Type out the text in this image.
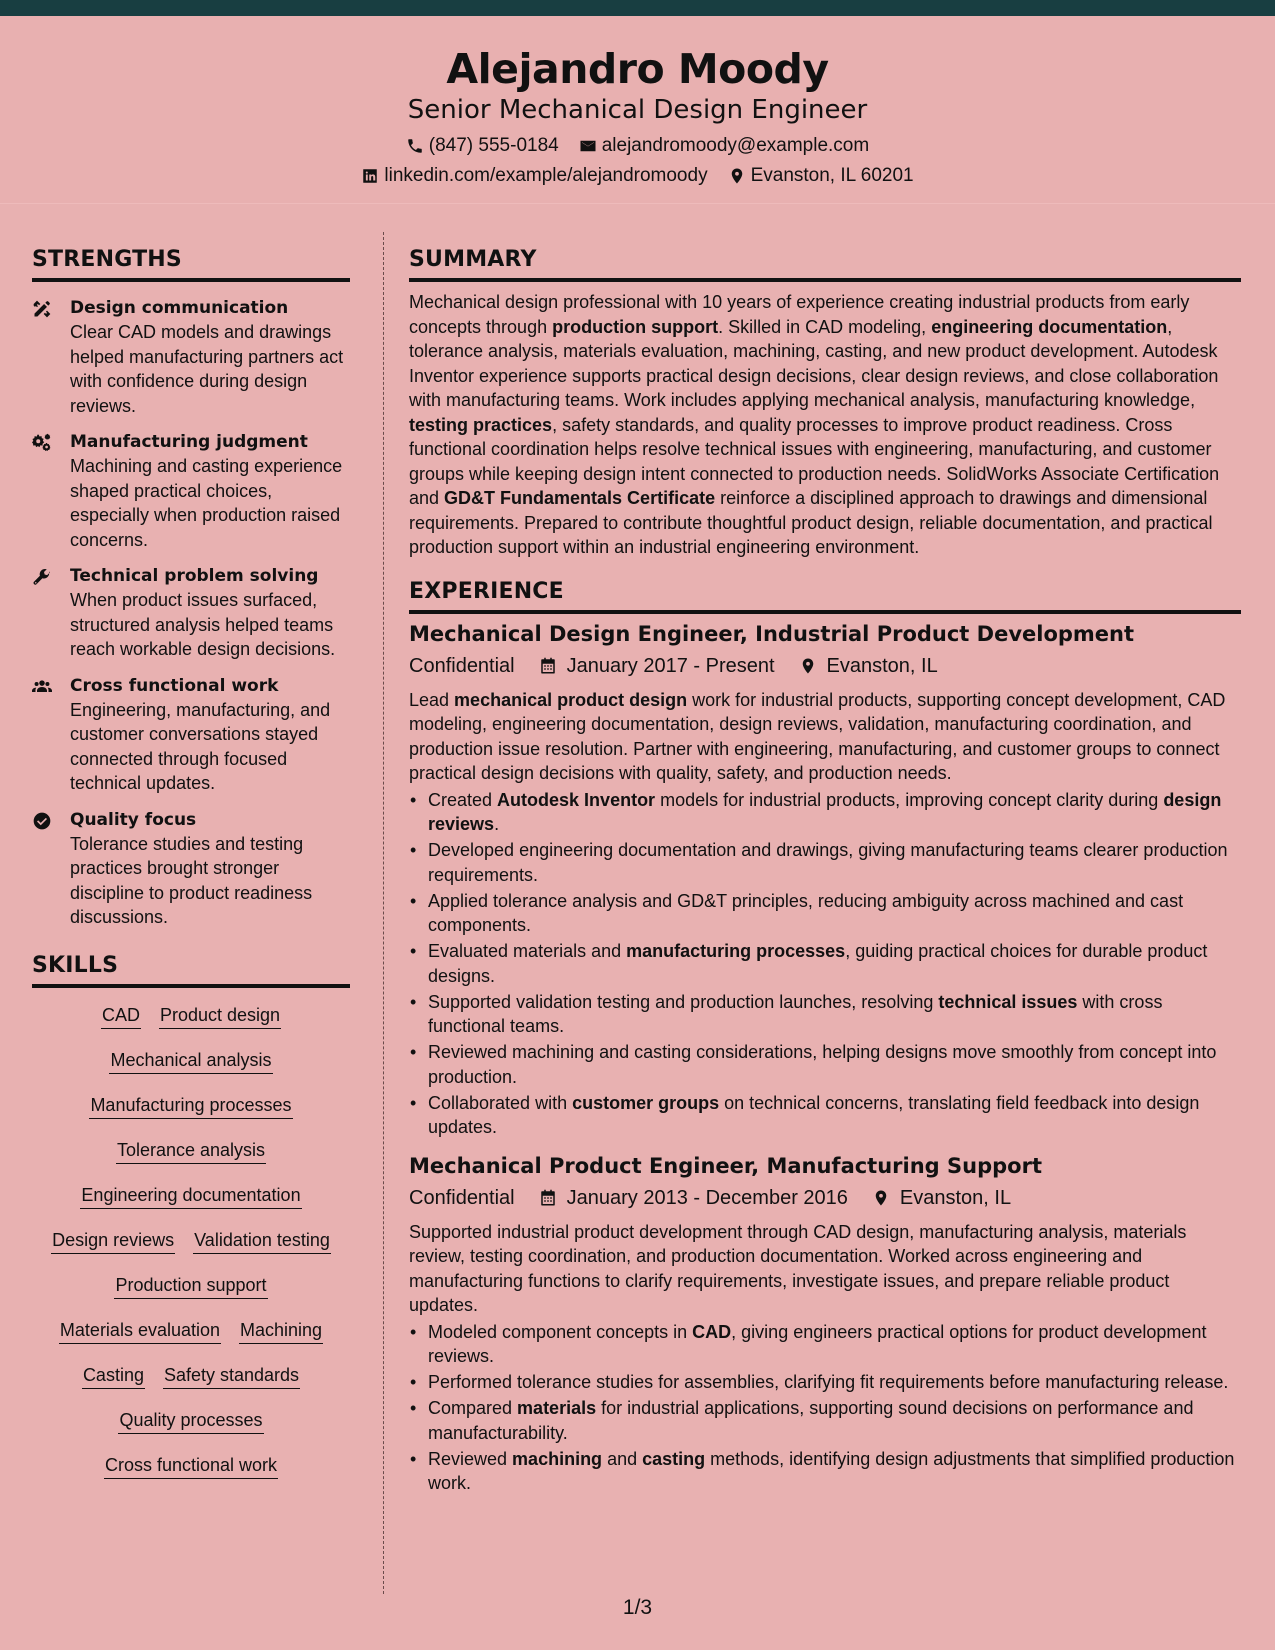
Alejandro Moody
Senior Mechanical Design Engineer
(847) 555-0184 alejandromoody@example.com
linkedin.com/example/alejandromoody Evanston, IL 60201
STRENGTHS
Design communication
Clear CAD models and drawings helped manufacturing partners act with confidence during design reviews.
Manufacturing judgment
Machining and casting experience shaped practical choices, especially when production raised concerns.
Technical problem solving
When product issues surfaced, structured analysis helped teams reach workable design decisions.
Cross functional work
Engineering, manufacturing, and customer conversations stayed connected through focused technical updates.
Quality focus
Tolerance studies and testing practices brought stronger discipline to product readiness discussions.
SKILLS
CAD Product design
Mechanical analysis
Manufacturing processes
Tolerance analysis
Engineering documentation
Design reviews Validation testing
Production support
Materials evaluation Machining
Casting Safety standards
Quality processes
Cross functional work
SUMMARY

Mechanical design professional with 10 years of experience creating industrial products from early concepts through production support. Skilled in CAD modeling, engineering documentation, tolerance analysis, materials evaluation, machining, casting, and new product development. Autodesk Inventor experience supports practical design decisions, clear design reviews, and close collaboration with manufacturing teams. Work includes applying mechanical analysis, manufacturing knowledge, testing practices, safety standards, and quality processes to improve product readiness. Cross functional coordination helps resolve technical issues with engineering, manufacturing, and customer groups while keeping design intent connected to production needs. SolidWorks Associate Certification and GD&T Fundamentals Certificate reinforce a disciplined approach to drawings and dimensional requirements. Prepared to contribute thoughtful product design, reliable documentation, and practical production support within an industrial engineering environment.

EXPERIENCE
Mechanical Design Engineer, Industrial Product Development
Confidential	January 2017 - Present	Evanston, IL

Lead mechanical product design work for industrial products, supporting concept development, CAD modeling, engineering documentation, design reviews, validation, manufacturing coordination, and production issue resolution. Partner with engineering, manufacturing, and customer groups to connect practical design decisions with quality, safety, and production needs.

• Created Autodesk Inventor models for industrial products, improving concept clarity during design reviews.
• Developed engineering documentation and drawings, giving manufacturing teams clearer production requirements.
• Applied tolerance analysis and GD&T principles, reducing ambiguity across machined and cast components.
• Evaluated materials and manufacturing processes, guiding practical choices for durable product designs.
• Supported validation testing and production launches, resolving technical issues with cross functional teams.
• Reviewed machining and casting considerations, helping designs move smoothly from concept into production.
• Collaborated with customer groups on technical concerns, translating field feedback into design updates.
Mechanical Product Engineer, Manufacturing Support
Confidential	January 2013 - December 2016	Evanston, IL

Supported industrial product development through CAD design, manufacturing analysis, materials review, testing coordination, and production documentation. Worked across engineering and manufacturing functions to clarify requirements, investigate issues, and prepare reliable product updates.

• Modeled component concepts in CAD, giving engineers practical options for product development reviews.
• Performed tolerance studies for assemblies, clarifying fit requirements before manufacturing release.
• Compared materials for industrial applications, supporting sound decisions on performance and manufacturability.
• Reviewed machining and casting methods, identifying design adjustments that simplified production work.
1/3
